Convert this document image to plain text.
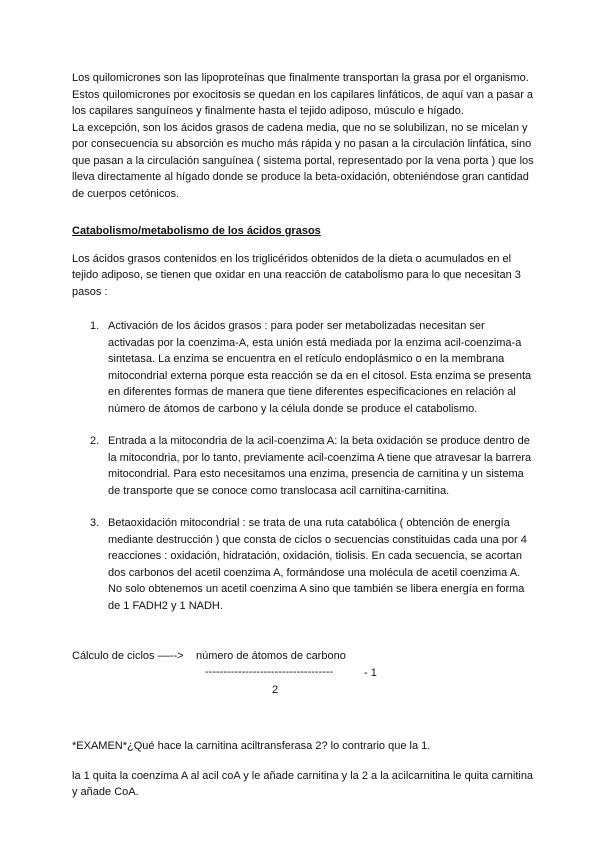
Los quilomicrones son las lipoproteínas que finalmente transportan la grasa por el organismo. Estos quilomicrones por exocitosis se quedan en los capilares linfáticos, de aquí van a pasar a los capilares sanguíneos y finalmente hasta el tejido adiposo, músculo e hígado.

La excepción, son los ácidos grasos de cadena media, que no se solubilizan, no se micelan y por consecuencia su absorción es mucho más rápida y no pasan a la circulación linfática, sino que pasan a la circulación sanguínea ( sistema portal, representado por la vena porta ) que los lleva directamente al hígado donde se produce la beta-oxidación, obteniéndose gran cantidad de cuerpos cetónicos.

Catabolismo/metabolismo de los ácidos grasos

Los ácidos grasos contenidos en los triglicéridos obtenidos de la dieta o acumulados en el tejido adiposo, se tienen que oxidar en una reacción de catabolismo para lo que necesitan 3 pasos :

1. Activación de los ácidos grasos : para poder ser metabolizadas necesitan ser activadas por la coenzima-A, esta unión está mediada por la enzima acil-coenzima-a sintetasa. La enzima se encuentra en el retículo endoplásmico o en la membrana mitocondrial externa porque esta reacción se da en el citosol. Esta enzima se presenta en diferentes formas de manera que tiene diferentes especificaciones en relación al número de átomos de carbono y la célula donde se produce el catabolismo.
2. Entrada a la mitocondria de la acil-coenzima A: la beta oxidación se produce dentro de la mitocondria, por lo tanto, previamente acil-coenzima A tiene que atravesar la barrera mitocondrial. Para esto necesitamos una enzima, presencia de carnitina y un sistema de transporte que se conoce como translocasa acil carnitina-carnitina.
3. Betaoxidación mitocondrial : se trata de una ruta catabólica ( obtención de energía mediante destrucción ) que consta de ciclos o secuencias constituidas cada una por 4 reacciones : oxidación, hidratación, oxidación, tiolisis. En cada secuencia, se acortan dos carbonos del acetil coenzima A, formándose una molécula de acetil coenzima A. No solo obtenemos un acetil coenzima A sino que también se libera energía en forma de 1 FADH2 y 1 NADH.
Cálculo de ciclos ––--> número de átomos de carbono
-----------------------------------	- 1
2

*EXAMEN*¿Qué hace la carnitina aciltransferasa 2? lo contrario que la 1.

la 1 quita la coenzima A al acil coA y le añade carnitina y la 2 a la acilcarnitina le quita carnitina y añade CoA.
